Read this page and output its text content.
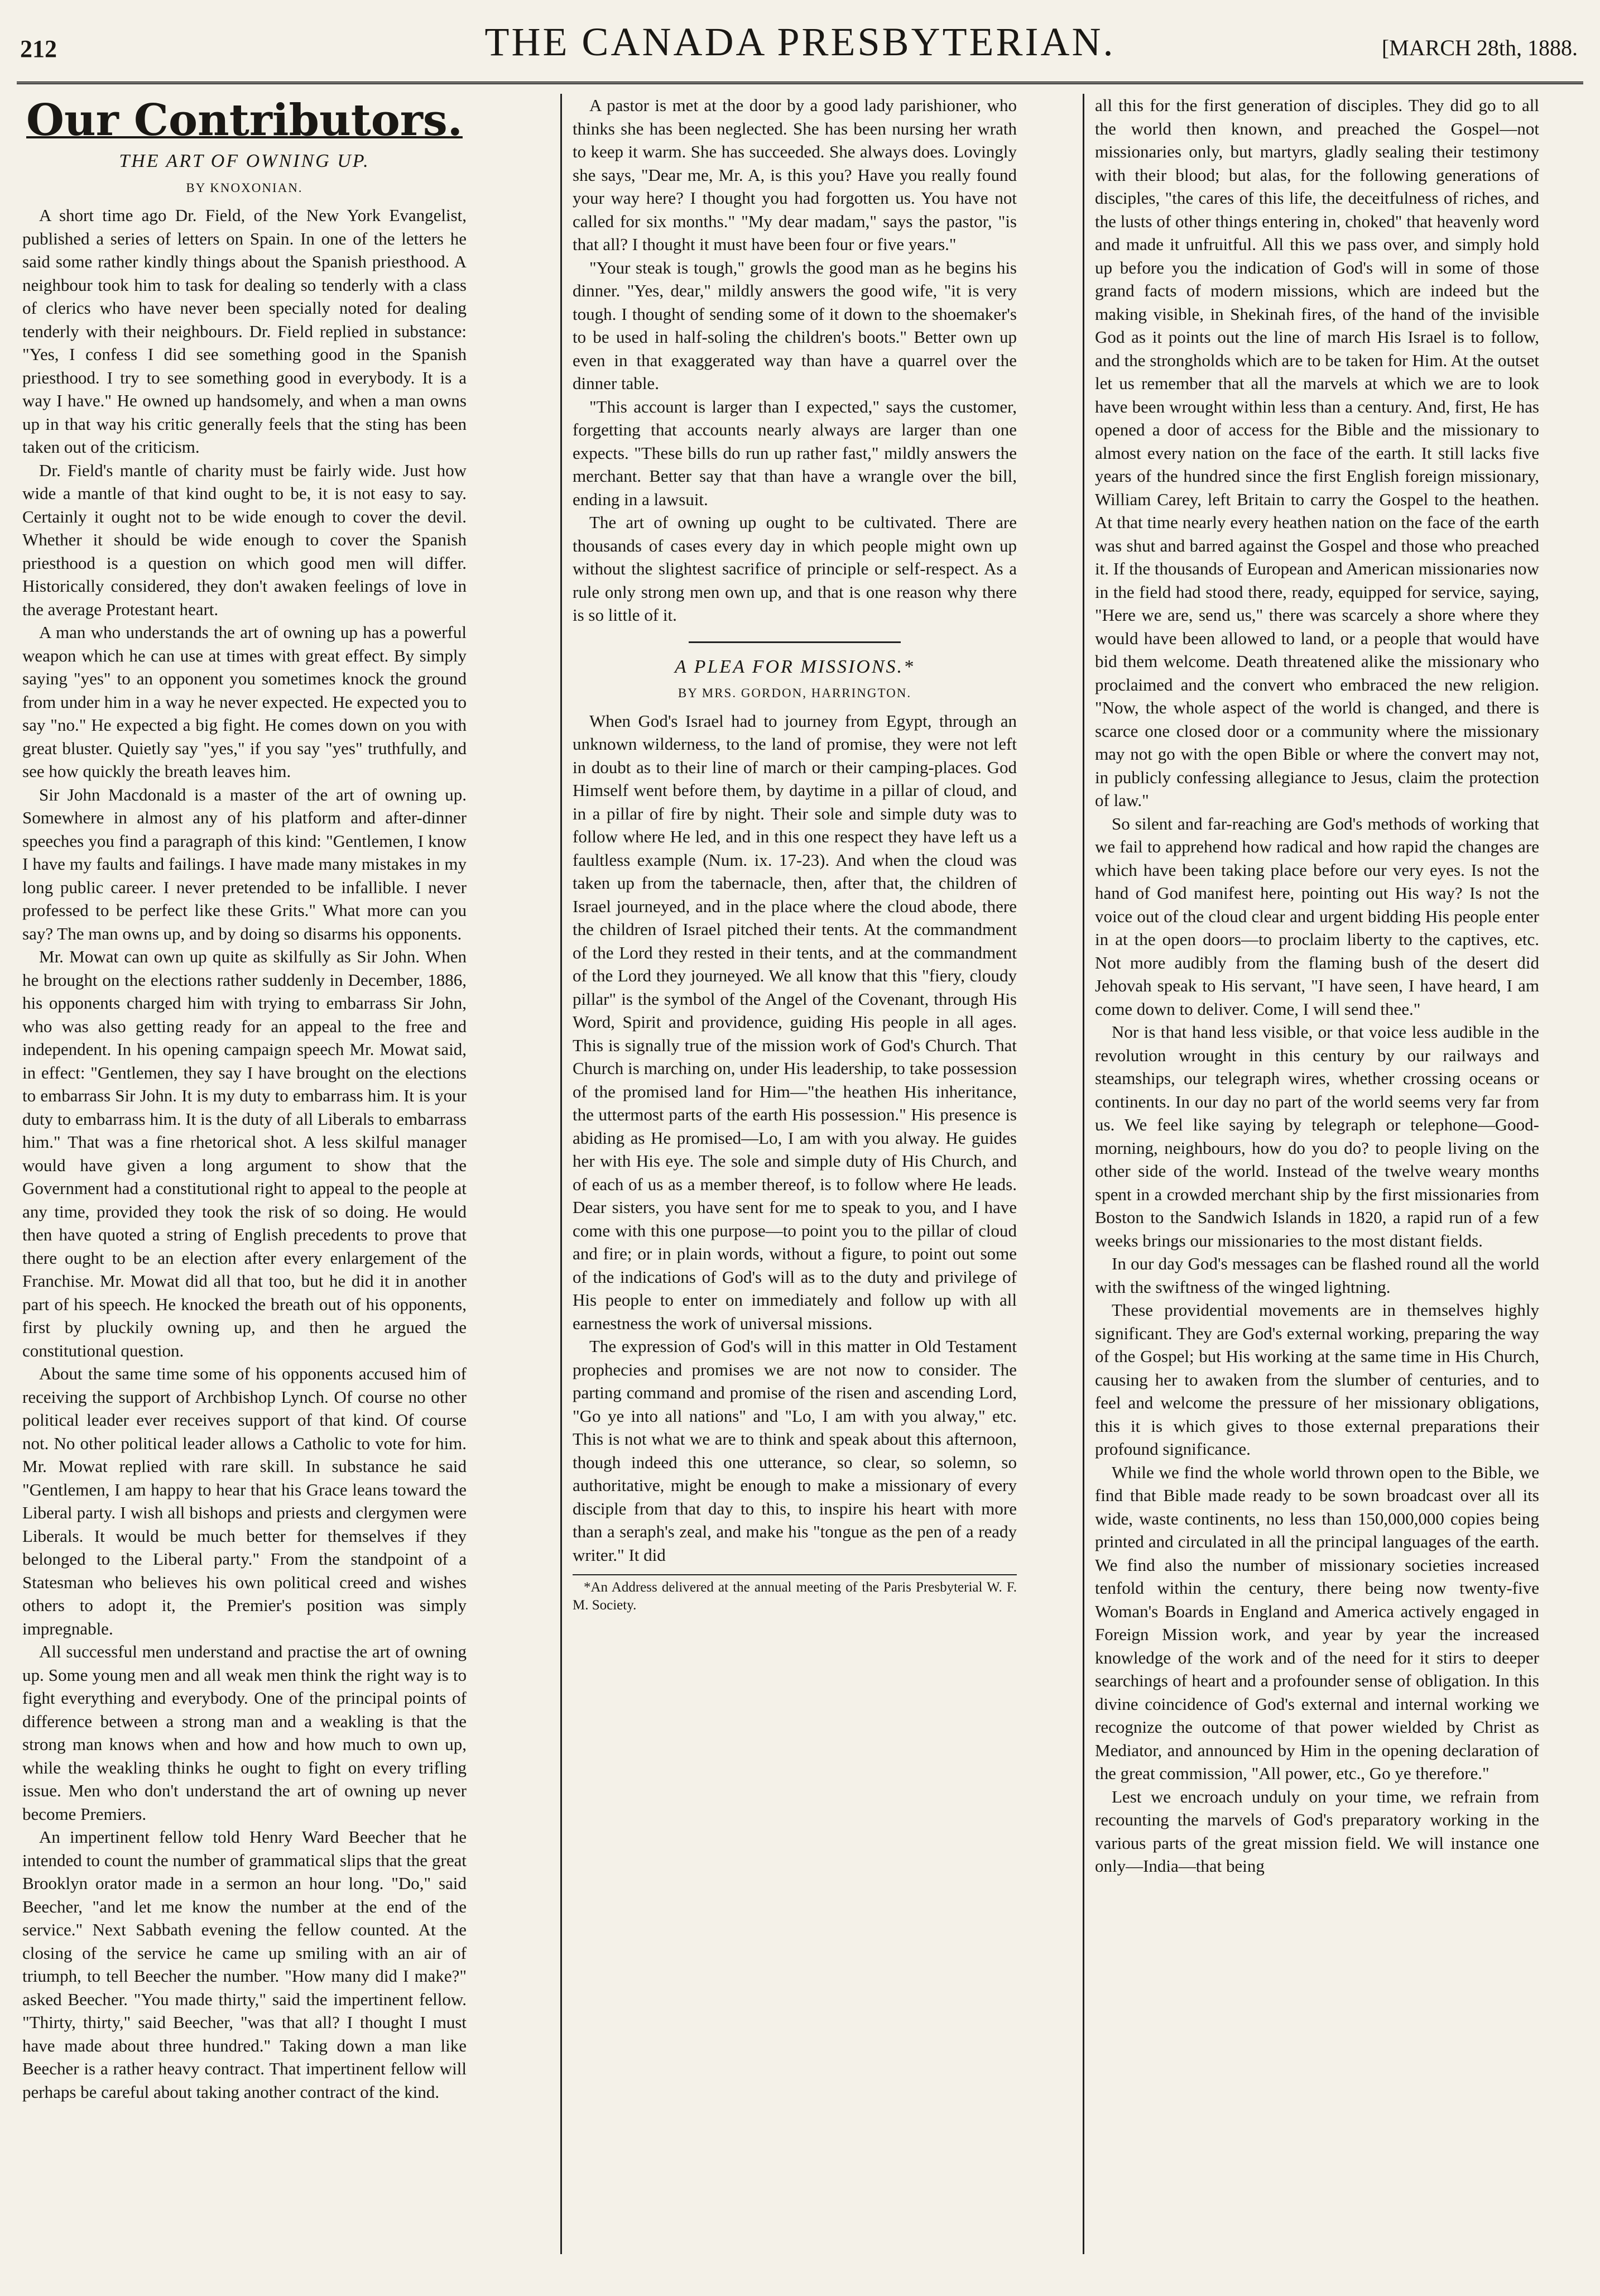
212	THE CANADA PRESBYTERIAN.	[MARCH 28th, 1888.
Our Contributors.
THE ART OF OWNING UP.
BY KNOXONIAN.

A short time ago Dr. Field, of the New York Evangelist, published a series of letters on Spain. In one of the letters he said some rather kindly things about the Spanish priesthood. A neighbour took him to task for dealing so tenderly with a class of clerics who have never been specially noted for dealing tenderly with their neighbours. Dr. Field replied in substance: "Yes, I confess I did see something good in the Spanish priesthood. I try to see something good in everybody. It is a way I have." He owned up handsomely, and when a man owns up in that way his critic generally feels that the sting has been taken out of the criticism.

Dr. Field's mantle of charity must be fairly wide. Just how wide a mantle of that kind ought to be, it is not easy to say. Certainly it ought not to be wide enough to cover the devil. Whether it should be wide enough to cover the Spanish priesthood is a question on which good men will differ. Historically considered, they don't awaken feelings of love in the average Protestant heart.

A man who understands the art of owning up has a powerful weapon which he can use at times with great effect. By simply saying "yes" to an opponent you sometimes knock the ground from under him in a way he never expected. He expected you to say "no." He expected a big fight. He comes down on you with great bluster. Quietly say "yes," if you say "yes" truthfully, and see how quickly the breath leaves him.

Sir John Macdonald is a master of the art of owning up. Somewhere in almost any of his platform and after-dinner speeches you find a paragraph of this kind: "Gentlemen, I know I have my faults and failings. I have made many mistakes in my long public career. I never pretended to be infallible. I never professed to be perfect like these Grits." What more can you say? The man owns up, and by doing so disarms his opponents.

Mr. Mowat can own up quite as skilfully as Sir John. When he brought on the elections rather suddenly in December, 1886, his opponents charged him with trying to embarrass Sir John, who was also getting ready for an appeal to the free and independent. In his opening campaign speech Mr. Mowat said, in effect: "Gentlemen, they say I have brought on the elections to embarrass Sir John. It is my duty to embarrass him. It is your duty to embarrass him. It is the duty of all Liberals to embarrass him." That was a fine rhetorical shot. A less skilful manager would have given a long argument to show that the Government had a constitutional right to appeal to the people at any time, provided they took the risk of so doing. He would then have quoted a string of English precedents to prove that there ought to be an election after every enlargement of the Franchise. Mr. Mowat did all that too, but he did it in another part of his speech. He knocked the breath out of his opponents, first by pluckily owning up, and then he argued the constitutional question.

About the same time some of his opponents accused him of receiving the support of Archbishop Lynch. Of course no other political leader ever receives support of that kind. Of course not. No other political leader allows a Catholic to vote for him. Mr. Mowat replied with rare skill. In substance he said "Gentlemen, I am happy to hear that his Grace leans toward the Liberal party. I wish all bishops and priests and clergymen were Liberals. It would be much better for themselves if they belonged to the Liberal party." From the standpoint of a Statesman who believes his own political creed and wishes others to adopt it, the Premier's position was simply impregnable.

All successful men understand and practise the art of owning up. Some young men and all weak men think the right way is to fight everything and everybody. One of the principal points of difference between a strong man and a weakling is that the strong man knows when and how and how much to own up, while the weakling thinks he ought to fight on every trifling issue. Men who don't understand the art of owning up never become Premiers.

An impertinent fellow told Henry Ward Beecher that he intended to count the number of grammatical slips that the great Brooklyn orator made in a sermon an hour long. "Do," said Beecher, "and let me know the number at the end of the service." Next Sabbath evening the fellow counted. At the closing of the service he came up smiling with an air of triumph, to tell Beecher the number. "How many did I make?" asked Beecher. "You made thirty," said the impertinent fellow. "Thirty, thirty," said Beecher, "was that all? I thought I must have made about three hundred." Taking down a man like Beecher is a rather heavy contract. That impertinent fellow will perhaps be careful about taking another contract of the kind.

A pastor is met at the door by a good lady parishioner, who thinks she has been neglected. She has been nursing her wrath to keep it warm. She has succeeded. She always does. Lovingly she says, "Dear me, Mr. A, is this you? Have you really found your way here? I thought you had forgotten us. You have not called for six months." "My dear madam," says the pastor, "is that all? I thought it must have been four or five years."

"Your steak is tough," growls the good man as he begins his dinner. "Yes, dear," mildly answers the good wife, "it is very tough. I thought of sending some of it down to the shoemaker's to be used in half-soling the children's boots." Better own up even in that exaggerated way than have a quarrel over the dinner table.

"This account is larger than I expected," says the customer, forgetting that accounts nearly always are larger than one expects. "These bills do run up rather fast," mildly answers the merchant. Better say that than have a wrangle over the bill, ending in a lawsuit.

The art of owning up ought to be cultivated. There are thousands of cases every day in which people might own up without the slightest sacrifice of principle or self-respect. As a rule only strong men own up, and that is one reason why there is so little of it.

A PLEA FOR MISSIONS.*
BY MRS. GORDON, HARRINGTON.

When God's Israel had to journey from Egypt, through an unknown wilderness, to the land of promise, they were not left in doubt as to their line of march or their camping-places. God Himself went before them, by daytime in a pillar of cloud, and in a pillar of fire by night. Their sole and simple duty was to follow where He led, and in this one respect they have left us a faultless example (Num. ix. 17-23). And when the cloud was taken up from the tabernacle, then, after that, the children of Israel journeyed, and in the place where the cloud abode, there the children of Israel pitched their tents. At the commandment of the Lord they rested in their tents, and at the commandment of the Lord they journeyed. We all know that this "fiery, cloudy pillar" is the symbol of the Angel of the Covenant, through His Word, Spirit and providence, guiding His people in all ages. This is signally true of the mission work of God's Church. That Church is marching on, under His leadership, to take possession of the promised land for Him—"the heathen His inheritance, the uttermost parts of the earth His possession." His presence is abiding as He promised—Lo, I am with you alway. He guides her with His eye. The sole and simple duty of His Church, and of each of us as a member thereof, is to follow where He leads. Dear sisters, you have sent for me to speak to you, and I have come with this one purpose—to point you to the pillar of cloud and fire; or in plain words, without a figure, to point out some of the indications of God's will as to the duty and privilege of His people to enter on immediately and follow up with all earnestness the work of universal missions.

The expression of God's will in this matter in Old Testament prophecies and promises we are not now to consider. The parting command and promise of the risen and ascending Lord, "Go ye into all nations" and "Lo, I am with you alway," etc. This is not what we are to think and speak about this afternoon, though indeed this one utterance, so clear, so solemn, so authoritative, might be enough to make a missionary of every disciple from that day to this, to inspire his heart with more than a seraph's zeal, and make his "tongue as the pen of a ready writer." It did

*An Address delivered at the annual meeting of the Paris Presbyterial W. F. M. Society.

all this for the first generation of disciples. They did go to all the world then known, and preached the Gospel—not missionaries only, but martyrs, gladly sealing their testimony with their blood; but alas, for the following generations of disciples, "the cares of this life, the deceitfulness of riches, and the lusts of other things entering in, choked" that heavenly word and made it unfruitful. All this we pass over, and simply hold up before you the indication of God's will in some of those grand facts of modern missions, which are indeed but the making visible, in Shekinah fires, of the hand of the invisible God as it points out the line of march His Israel is to follow, and the strongholds which are to be taken for Him. At the outset let us remember that all the marvels at which we are to look have been wrought within less than a century. And, first, He has opened a door of access for the Bible and the missionary to almost every nation on the face of the earth. It still lacks five years of the hundred since the first English foreign missionary, William Carey, left Britain to carry the Gospel to the heathen. At that time nearly every heathen nation on the face of the earth was shut and barred against the Gospel and those who preached it. If the thousands of European and American missionaries now in the field had stood there, ready, equipped for service, saying, "Here we are, send us," there was scarcely a shore where they would have been allowed to land, or a people that would have bid them welcome. Death threatened alike the missionary who proclaimed and the convert who embraced the new religion. "Now, the whole aspect of the world is changed, and there is scarce one closed door or a community where the missionary may not go with the open Bible or where the convert may not, in publicly confessing allegiance to Jesus, claim the protection of law."

So silent and far-reaching are God's methods of working that we fail to apprehend how radical and how rapid the changes are which have been taking place before our very eyes. Is not the hand of God manifest here, pointing out His way? Is not the voice out of the cloud clear and urgent bidding His people enter in at the open doors—to proclaim liberty to the captives, etc. Not more audibly from the flaming bush of the desert did Jehovah speak to His servant, "I have seen, I have heard, I am come down to deliver. Come, I will send thee."

Nor is that hand less visible, or that voice less audible in the revolution wrought in this century by our railways and steamships, our telegraph wires, whether crossing oceans or continents. In our day no part of the world seems very far from us. We feel like saying by telegraph or telephone—Good-morning, neighbours, how do you do? to people living on the other side of the world. Instead of the twelve weary months spent in a crowded merchant ship by the first missionaries from Boston to the Sandwich Islands in 1820, a rapid run of a few weeks brings our missionaries to the most distant fields.

In our day God's messages can be flashed round all the world with the swiftness of the winged lightning.

These providential movements are in themselves highly significant. They are God's external working, preparing the way of the Gospel; but His working at the same time in His Church, causing her to awaken from the slumber of centuries, and to feel and welcome the pressure of her missionary obligations, this it is which gives to those external preparations their profound significance.

While we find the whole world thrown open to the Bible, we find that Bible made ready to be sown broadcast over all its wide, waste continents, no less than 150,000,000 copies being printed and circulated in all the principal languages of the earth. We find also the number of missionary societies increased tenfold within the century, there being now twenty-five Woman's Boards in England and America actively engaged in Foreign Mission work, and year by year the increased knowledge of the work and of the need for it stirs to deeper searchings of heart and a profounder sense of obligation. In this divine coincidence of God's external and internal working we recognize the outcome of that power wielded by Christ as Mediator, and announced by Him in the opening declaration of the great commission, "All power, etc., Go ye therefore."

Lest we encroach unduly on your time, we refrain from recounting the marvels of God's preparatory working in the various parts of the great mission field. We will instance one only—India—that being
